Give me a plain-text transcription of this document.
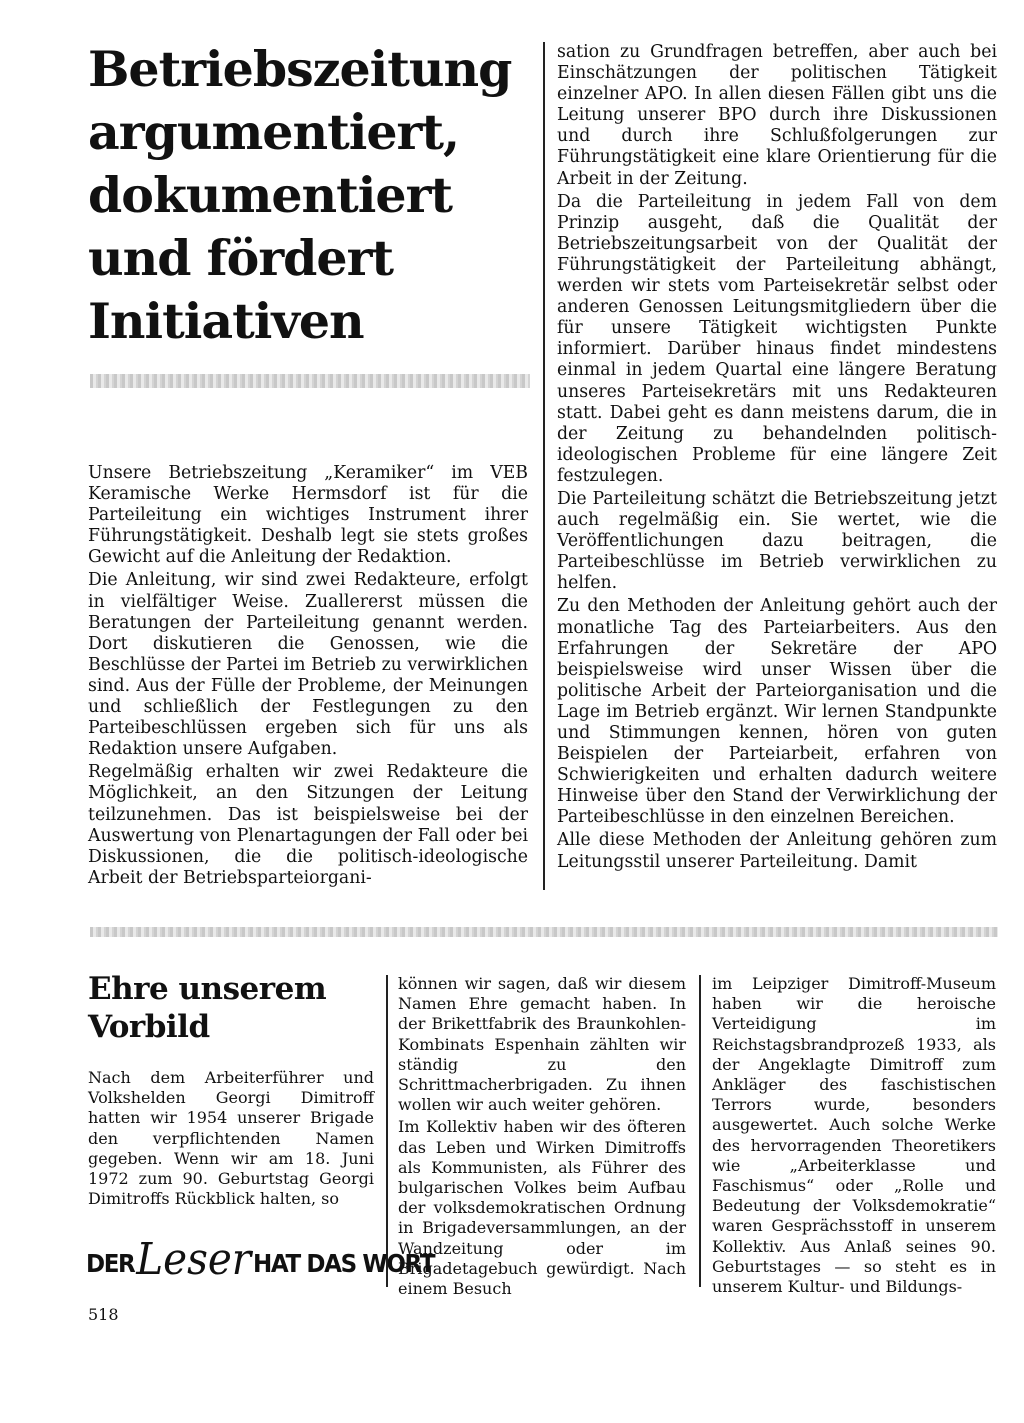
Betriebszeitung argumentiert, dokumentiert und fördert Initiativen

Unsere Betriebszeitung „Keramiker“ im VEB Keramische Werke Hermsdorf ist für die Parteileitung ein wichtiges Instrument ihrer Führungstätigkeit. Deshalb legt sie stets großes Gewicht auf die Anleitung der Redaktion.

Die Anleitung, wir sind zwei Redakteure, erfolgt in vielfältiger Weise. Zuallererst müssen die Beratungen der Parteileitung genannt werden. Dort diskutieren die Genossen, wie die Beschlüsse der Partei im Betrieb zu verwirklichen sind. Aus der Fülle der Probleme, der Meinungen und schließlich der Festlegungen zu den Parteibeschlüssen ergeben sich für uns als Redaktion unsere Aufgaben.

Regelmäßig erhalten wir zwei Redakteure die Möglichkeit, an den Sitzungen der Leitung teilzunehmen. Das ist beispielsweise bei der Auswertung von Plenartagungen der Fall oder bei Diskussionen, die die politisch-ideologische Arbeit der Betriebsparteiorgani-

sation zu Grundfragen betreffen, aber auch bei Einschätzungen der politischen Tätigkeit einzelner APO. In allen diesen Fällen gibt uns die Leitung unserer BPO durch ihre Diskussionen und durch ihre Schlußfolgerungen zur Führungstätigkeit eine klare Orientierung für die Arbeit in der Zeitung.

Da die Parteileitung in jedem Fall von dem Prinzip ausgeht, daß die Qualität der Betriebszeitungsarbeit von der Qualität der Führungstätigkeit der Parteileitung abhängt, werden wir stets vom Parteisekretär selbst oder anderen Genossen Leitungsmitgliedern über die für unsere Tätigkeit wichtigsten Punkte informiert. Darüber hinaus findet mindestens einmal in jedem Quartal eine längere Beratung unseres Parteisekretärs mit uns Redakteuren statt. Dabei geht es dann meistens darum, die in der Zeitung zu behandelnden politisch-ideologischen Probleme für eine längere Zeit festzulegen.

Die Parteileitung schätzt die Betriebszeitung jetzt auch regelmäßig ein. Sie wertet, wie die Veröffentlichungen dazu beitragen, die Parteibeschlüsse im Betrieb verwirklichen zu helfen.

Zu den Methoden der Anleitung gehört auch der monatliche Tag des Parteiarbeiters. Aus den Erfahrungen der Sekretäre der APO beispielsweise wird unser Wissen über die politische Arbeit der Parteiorganisation und die Lage im Betrieb ergänzt. Wir lernen Standpunkte und Stimmungen kennen, hören von guten Beispielen der Parteiarbeit, erfahren von Schwierigkeiten und erhalten dadurch weitere Hinweise über den Stand der Verwirklichung der Parteibeschlüsse in den einzelnen Bereichen.

Alle diese Methoden der Anleitung gehören zum Leitungsstil unserer Parteileitung. Damit

Ehre unserem Vorbild

Nach dem Arbeiterführer und Volkshelden Georgi Dimitroff hatten wir 1954 unserer Brigade den verpflichtenden Namen gegeben. Wenn wir am 18. Juni 1972 zum 90. Geburtstag Georgi Dimitroffs Rückblick halten, so

können wir sagen, daß wir diesem Namen Ehre gemacht haben. In der Brikettfabrik des Braunkohlen-Kombinats Espenhain zählten wir ständig zu den Schrittmacherbrigaden. Zu ihnen wollen wir auch weiter gehören.

Im Kollektiv haben wir des öfteren das Leben und Wirken Dimitroffs als Kommunisten, als Führer des bulgarischen Volkes beim Aufbau der volksdemokratischen Ordnung in Brigadeversammlungen, an der Wandzeitung oder im Brigadetagebuch gewürdigt. Nach einem Besuch

im Leipziger Dimitroff-Museum haben wir die heroische Verteidigung im Reichstagsbrandprozeß 1933, als der Angeklagte Dimitroff zum Ankläger des faschistischen Terrors wurde, besonders ausgewertet. Auch solche Werke des hervorragenden Theoretikers wie „Arbeiterklasse und Faschismus“ oder „Rolle und Bedeutung der Volksdemokratie“ waren Gesprächsstoff in unserem Kollektiv. Aus Anlaß seines 90. Geburtstages — so steht es in unserem Kultur- und Bildungs-

DER Leser HAT DAS WORT
518
